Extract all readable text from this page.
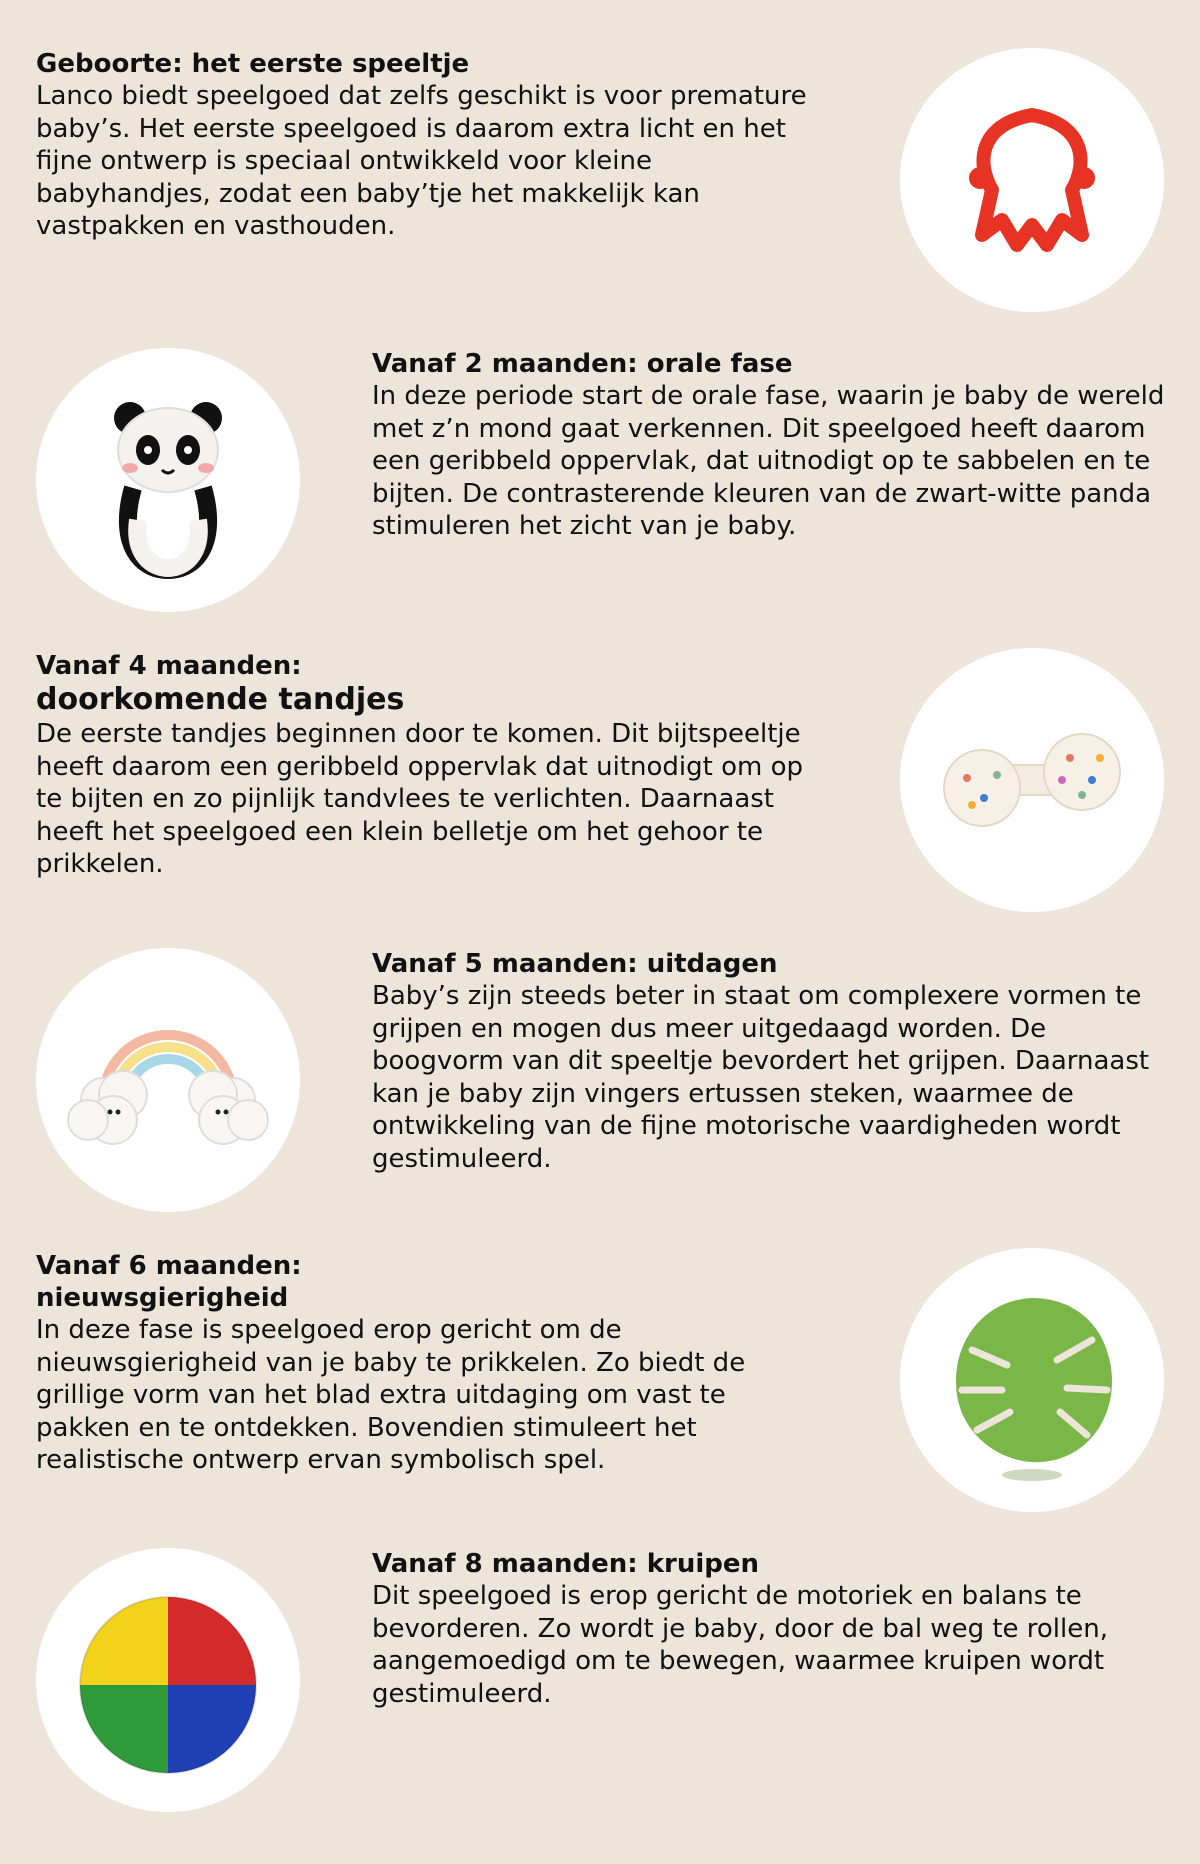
Geboorte: het eerste speeltje

Lanco biedt speelgoed dat zelfs geschikt is voor premature baby’s. Het eerste speelgoed is daarom extra licht en het fijne ontwerp is speciaal ontwikkeld voor kleine babyhandjes, zodat een baby’tje het makkelijk kan vastpakken en vasthouden.

Vanaf 2 maanden: orale fase

In deze periode start de orale fase, waarin je baby de wereld met z’n mond gaat verkennen. Dit speelgoed heeft daarom een geribbeld oppervlak, dat uitnodigt op te sabbelen en te bijten. De contrasterende kleuren van de zwart-witte panda stimuleren het zicht van je baby.

Vanaf 4 maanden:
doorkomende tandjes

De eerste tandjes beginnen door te komen. Dit bijtspeeltje heeft daarom een geribbeld oppervlak dat uitnodigt om op te bijten en zo pijnlijk tandvlees te verlichten. Daarnaast heeft het speelgoed een klein belletje om het gehoor te prikkelen.

Vanaf 5 maanden: uitdagen

Baby’s zijn steeds beter in staat om complexere vormen te grijpen en mogen dus meer uitgedaagd worden. De boogvorm van dit speeltje bevordert het grijpen. Daarnaast kan je baby zijn vingers ertussen steken, waarmee de ontwikkeling van de fijne motorische vaardigheden wordt gestimuleerd.

Vanaf 6 maanden:
nieuwsgierigheid

In deze fase is speelgoed erop gericht om de nieuwsgierigheid van je baby te prikkelen. Zo biedt de grillige vorm van het blad extra uitdaging om vast te pakken en te ontdekken. Bovendien stimuleert het realistische ontwerp ervan symbolisch spel.

Vanaf 8 maanden: kruipen

Dit speelgoed is erop gericht de motoriek en balans te bevorderen. Zo wordt je baby, door de bal weg te rollen, aangemoedigd om te bewegen, waarmee kruipen wordt gestimuleerd.
